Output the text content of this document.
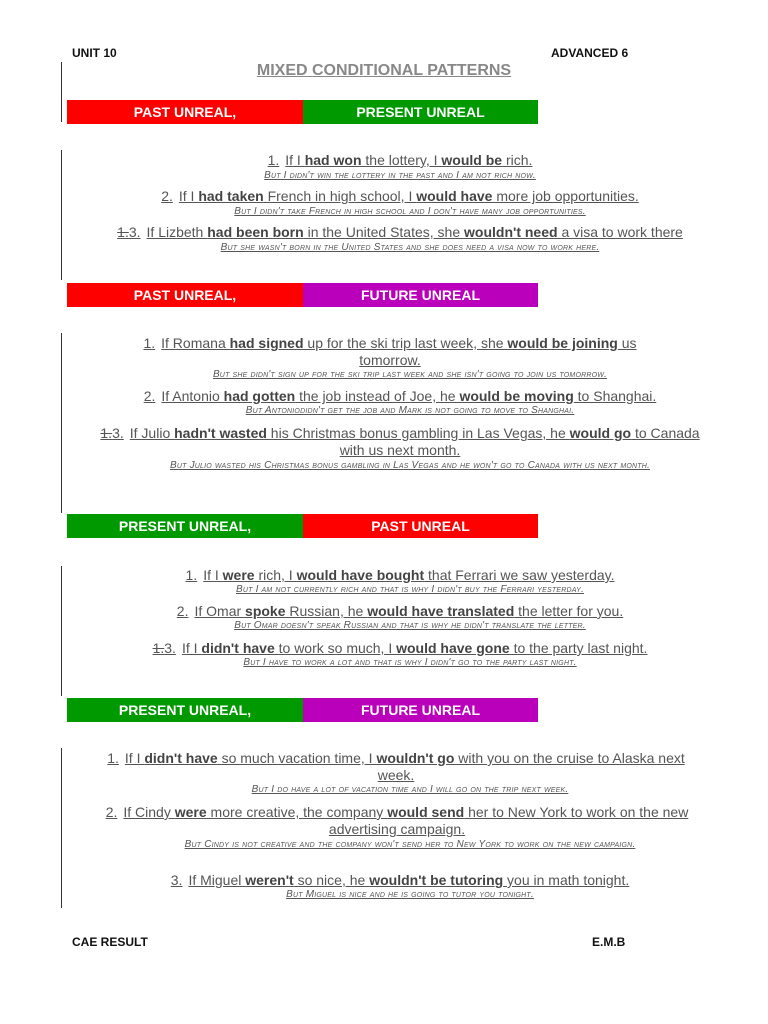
UNIT 10	ADVANCED 6
MIXED CONDITIONAL PATTERNS
PAST UNREAL,	PRESENT UNREAL
1. If I had won the lottery, I would be rich.
But I didn't win the lottery in the past and I am not rich now.
2. If I had taken French in high school, I would have more job opportunities.
But I didn't take French in high school and I don't have many job opportunities.
1.3. If Lizbeth had been born in the United States, she wouldn't need a visa to work there
But she wasn't born in the United States and she does need a visa now to work here.
PAST UNREAL,	FUTURE UNREAL
1. If Romana had signed up for the ski trip last week, she would be joining us tomorrow.
But she didn't sign up for the ski trip last week and she isn't going to join us tomorrow.
2. If Antonio had gotten the job instead of Joe, he would be moving to Shanghai.
But Antoniodidn't get the job and Mark is not going to move to Shanghai.
1.3. If Julio hadn't wasted his Christmas bonus gambling in Las Vegas, he would go to Canada with us next month.
But Julio wasted his Christmas bonus gambling in Las Vegas and he won't go to Canada with us next month.
PRESENT UNREAL,	PAST UNREAL
1. If I were rich, I would have bought that Ferrari we saw yesterday.
But I am not currently rich and that is why I didn't buy the Ferrari yesterday.
2. If Omar spoke Russian, he would have translated the letter for you.
But Omar doesn't speak Russian and that is why he didn't translate the letter.
1.3. If I didn't have to work so much, I would have gone to the party last night.
But I have to work a lot and that is why I didn't go to the party last night.
PRESENT UNREAL,	FUTURE UNREAL
1. If I didn't have so much vacation time, I wouldn't go with you on the cruise to Alaska next week.
But I do have a lot of vacation time and I will go on the trip next week.
2. If Cindy were more creative, the company would send her to New York to work on the new advertising campaign.
But Cindy is not creative and the company won't send her to New York to work on the new campaign.
3. If Miguel weren't so nice, he wouldn't be tutoring you in math tonight.
But Miguel is nice and he is going to tutor you tonight.
CAE RESULT	E.M.B
